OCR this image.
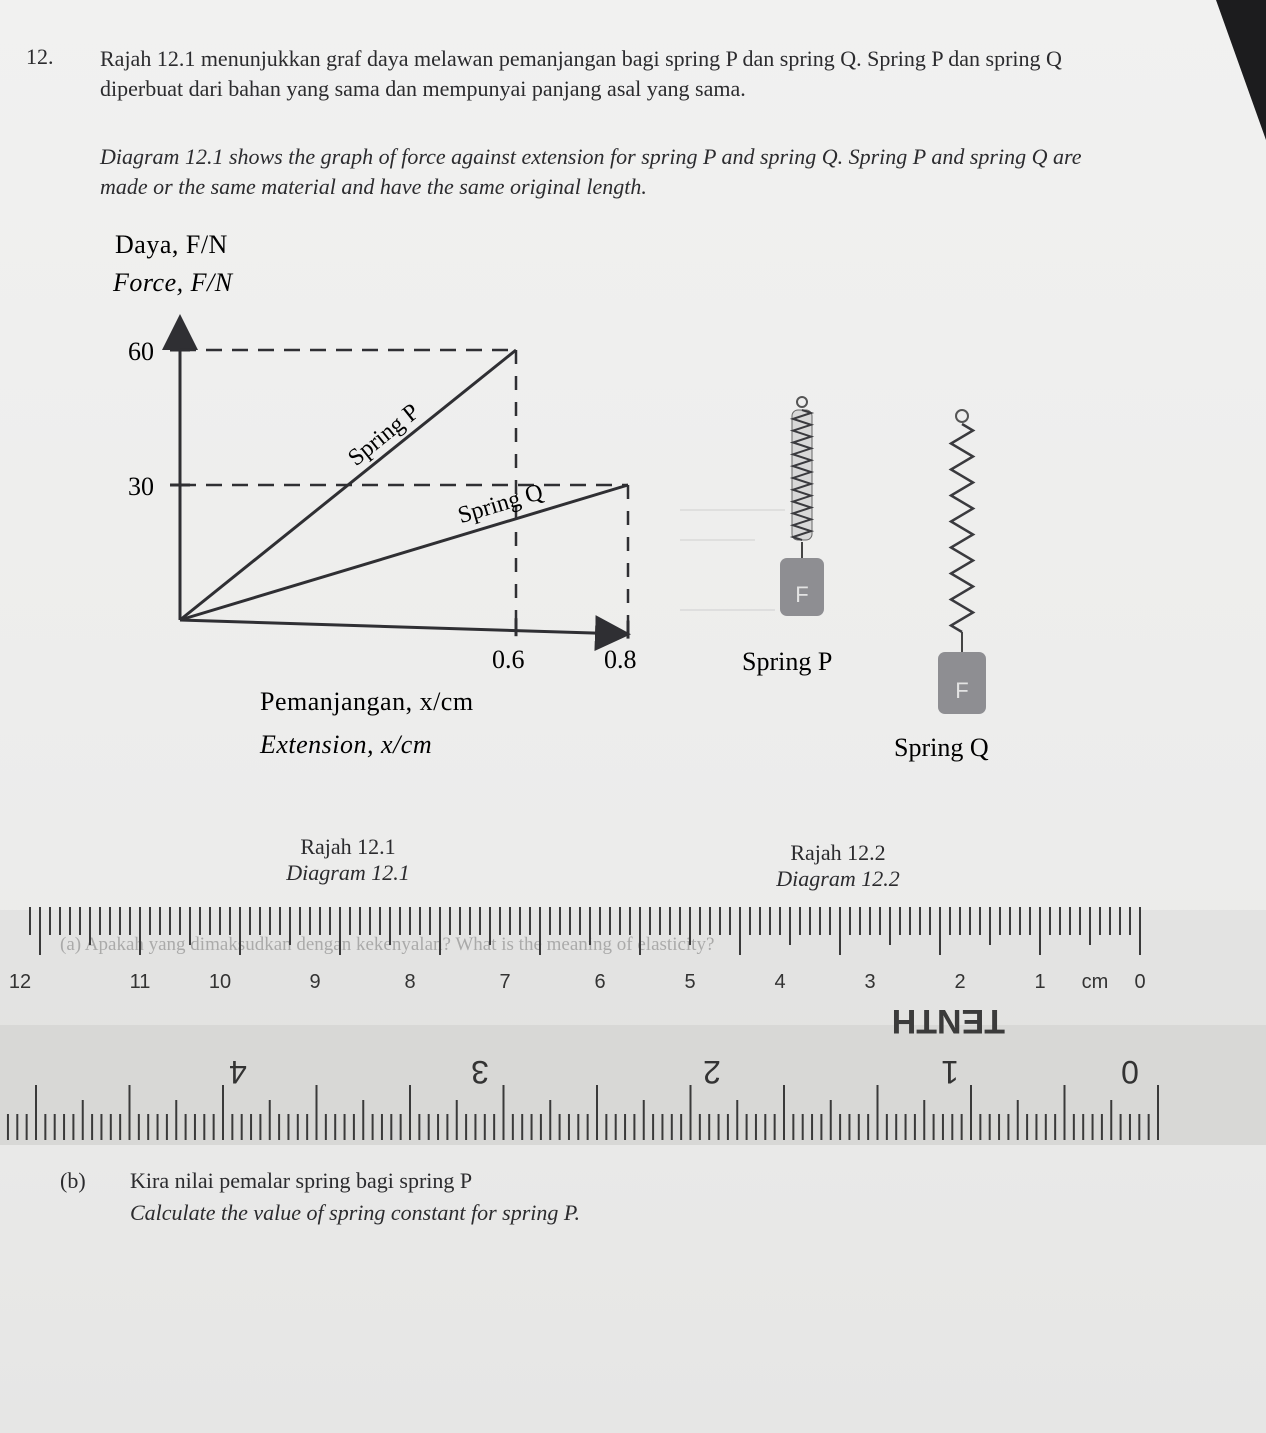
12. Rajah 12.1 menunjukkan graf daya melawan pemanjangan bagi spring P dan spring Q. Spring P dan spring Q diperbuat dari bahan yang sama dan mempunyai panjang asal yang sama.
Diagram 12.1 shows the graph of force against extension for spring P and spring Q. Spring P and spring Q are made or the same material and have the same original length.
Daya, F/N
Force, F/N
60
30
0.6	0.8
Spring P
Spring Q
Pemanjangan, x/cm
Extension, x/cm
F
Spring P
F
Spring Q
Rajah 12.1
Diagram 12.1
Rajah 12.2
Diagram 12.2
(a) Apakah yang dimaksudkan dengan kekenyalan? What is the meaning of elasticity?
0
cm
1
2
3
4
5
6
7
8
9
10
11
12
0
1
2
3
4
TENTH
(b) Kira nilai pemalar spring bagi spring P
Calculate the value of spring constant for spring P.
